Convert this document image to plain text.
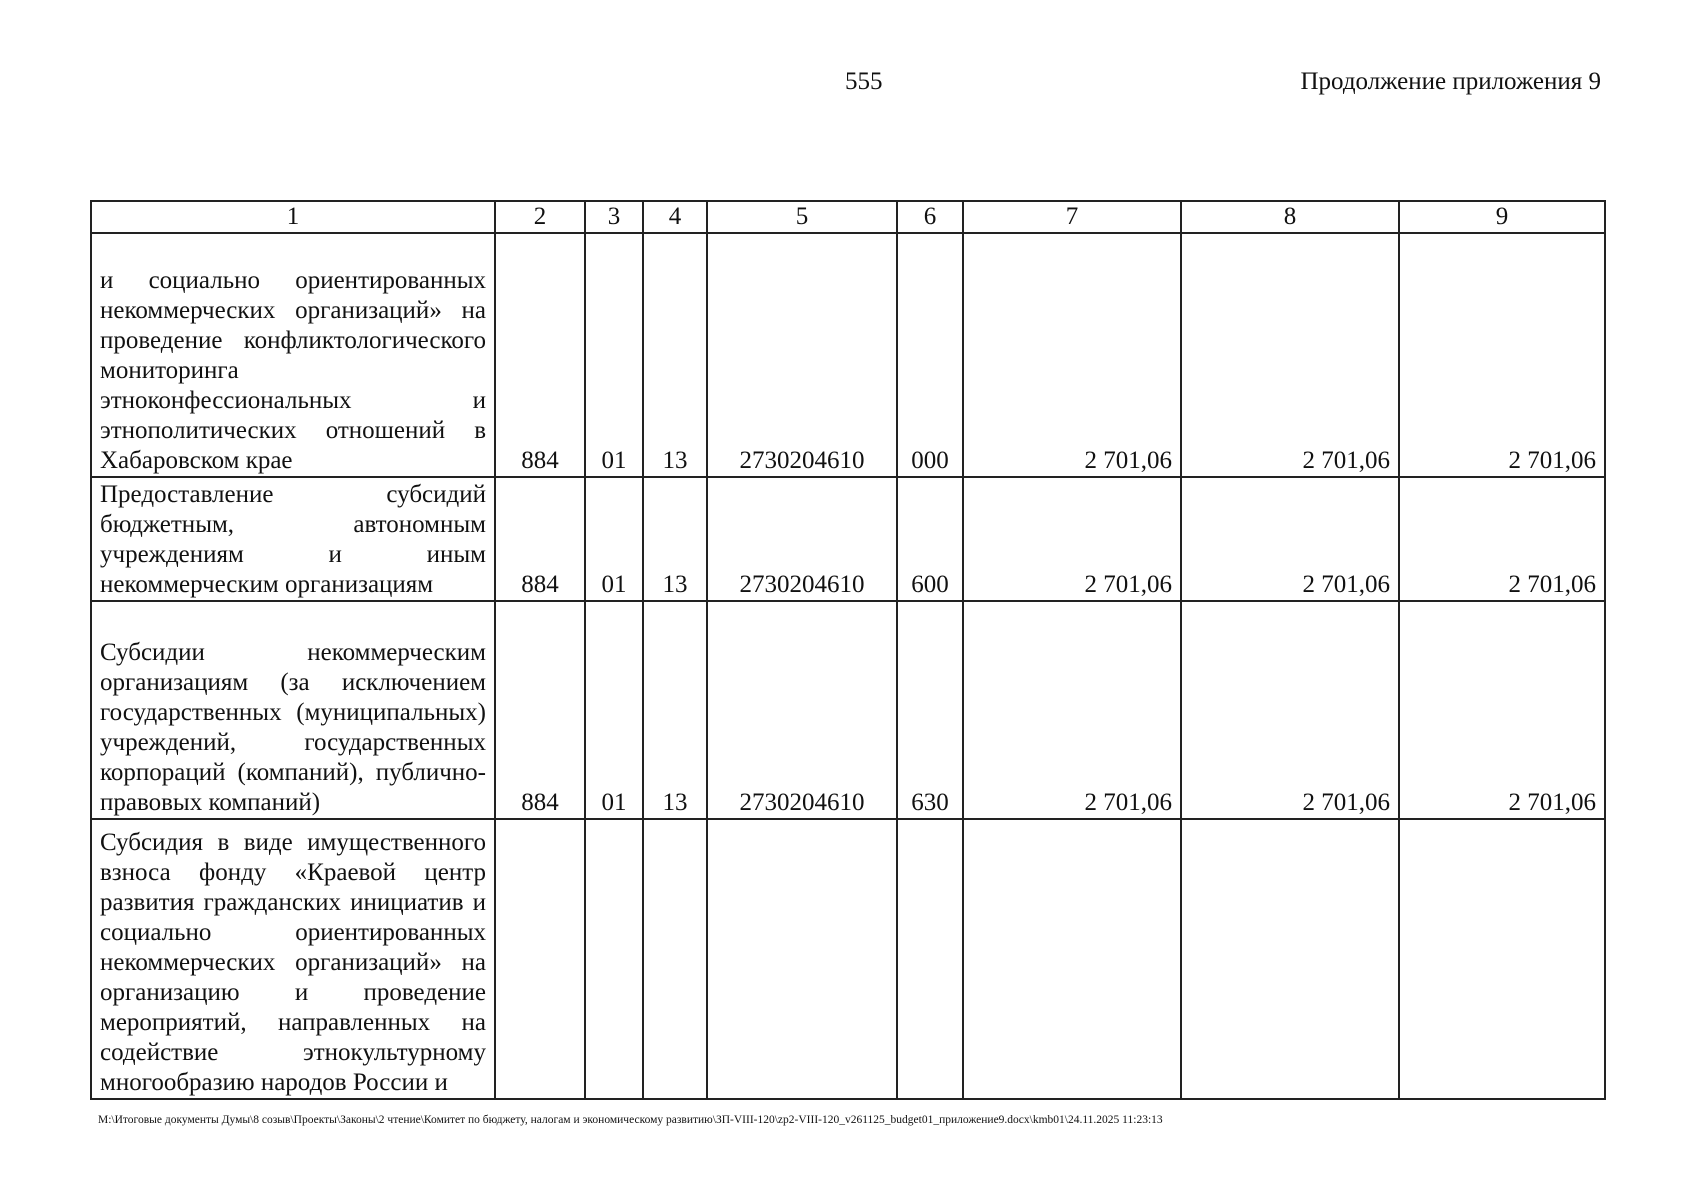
555	Продолжение приложения 9
1	2	3	4	5	6	7	8	9
и социально ориентированных некоммерческих организаций» на проведение конфликтологического мониторинга этноконфессиональных и этнополитических отношений в Хабаровском крае	884	01	13	2730204610	000	2 701,06	2 701,06	2 701,06
Предоставление субсидий бюджетным, автономным учреждениям и иным некоммерческим организациям	884	01	13	2730204610	600	2 701,06	2 701,06	2 701,06
Субсидии некоммерческим организациям (за исключением государственных (муниципальных) учреждений, государственных корпораций (компаний), публично-правовых компаний)	884	01	13	2730204610	630	2 701,06	2 701,06	2 701,06
Субсидия в виде имущественного взноса фонду «Краевой центр развития гражданских инициатив и социально ориентированных некоммерческих организаций» на организацию и проведение мероприятий, направленных на содействие этнокультурному многообразию народов России и								
M:\Итоговые документы Думы\8 созыв\Проекты\Законы\2 чтение\Комитет по бюджету, налогам и экономическому развитию\ЗП-VIII-120\zp2-VIII-120_v261125_budget01_приложение9.docx\kmb01\24.11.2025 11:23:13
